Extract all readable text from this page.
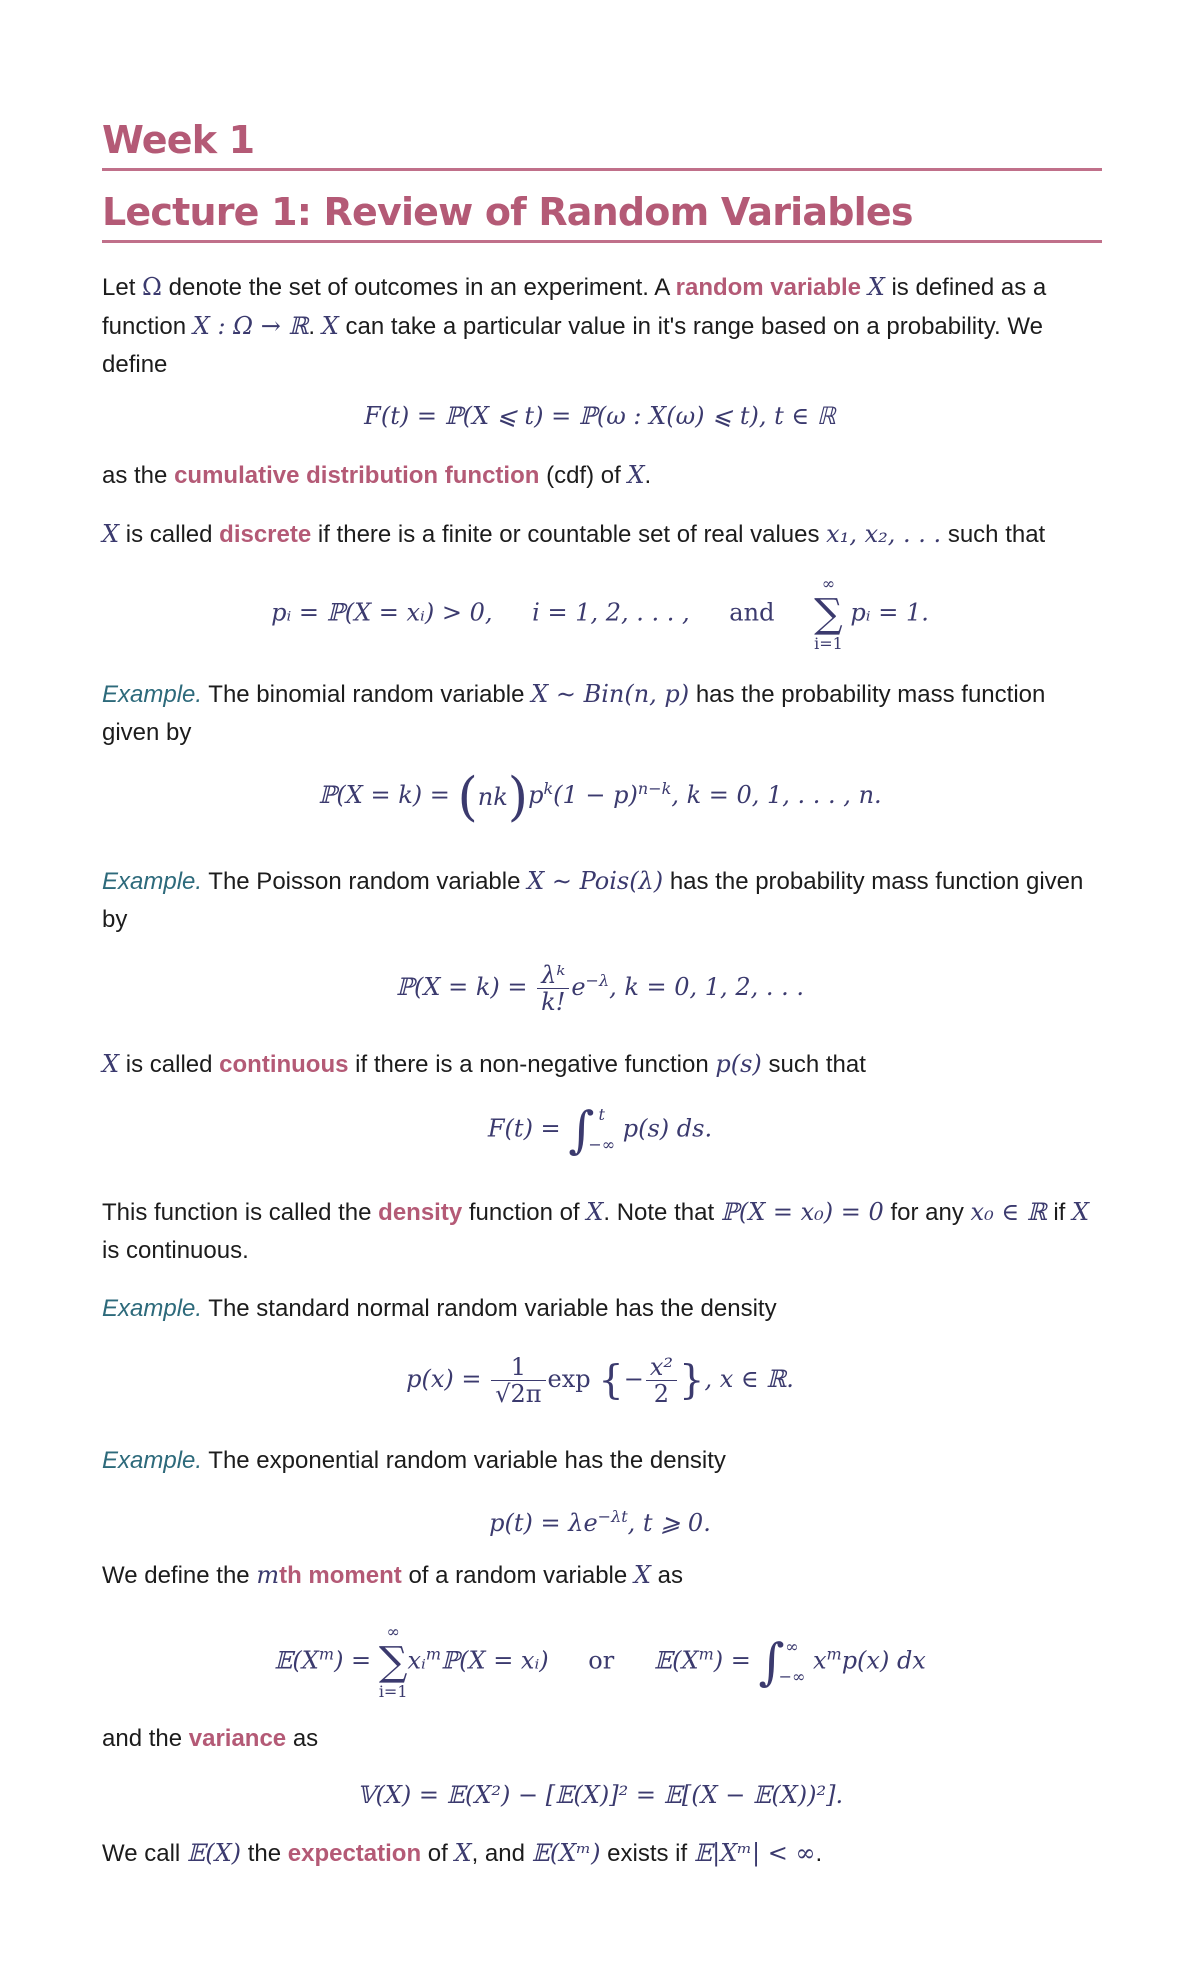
Week 1
Lecture 1: Review of Random Variables
Let Ω denote the set of outcomes in an experiment. A random variable X is defined as a function X : Ω → ℝ. X can take a particular value in it's range based on a probability. We define
F(t) = ℙ(X ⩽ t) = ℙ(ω : X(ω) ⩽ t), t ∈ ℝ
as the cumulative distribution function (cdf) of X.
X is called discrete if there is a finite or countable set of real values x₁, x₂, . . . such that
pᵢ = ℙ(X = xᵢ) > 0, i = 1, 2, . . . , and
∞
∑
i=1
pᵢ = 1.
Example. The binomial random variable X ∼ Bin(n, p) has the probability mass function given by
ℙ(X = $k) = (nk)p^k(1 - p)^{n-k}$, k = 0, 1, . . . , n.
Example. The Poisson random variable X ∼ Pois(λ) has the probability mass function given by
ℙ(X = $k) = \frac{\text{λᵏ}}{k!} e^{-\lambda}$, k = 0, 1, 2, . . .
X is called continuous if there is a non-negative function p(s) such that
F(t) = ∫ t
−∞
p(s) ds.
This function is called the density function of X. Note that ℙ(X = x₀) = 0 for any x₀ ∈ ℝ if X is continuous.
Example. The standard normal random variable has the density
$p(x) = \frac{1}{√2\pi}$ exp {− $\frac{\text{x²}}{2}$ }, x ∈ ℝ.
Example. The exponential random variable has the density
$p(t) = \lambda e^{-\lambda t}$, t ⩾ 0.
We define the mth moment of a random variable X as
$𝔼(X^m)$ =
∞
∑
i=1
xᵢ$^m$ℙ(X = xᵢ) or $𝔼(X^m)$ = ∫ ∞
−∞
$x^mp(x)$ dx
and the variance as
𝕍(X) = 𝔼(X²) − [𝔼(X)]² = 𝔼[(X − 𝔼(X))²].
We call 𝔼(X) the expectation of X, and 𝔼(Xᵐ) exists if 𝔼|Xᵐ| < ∞.
